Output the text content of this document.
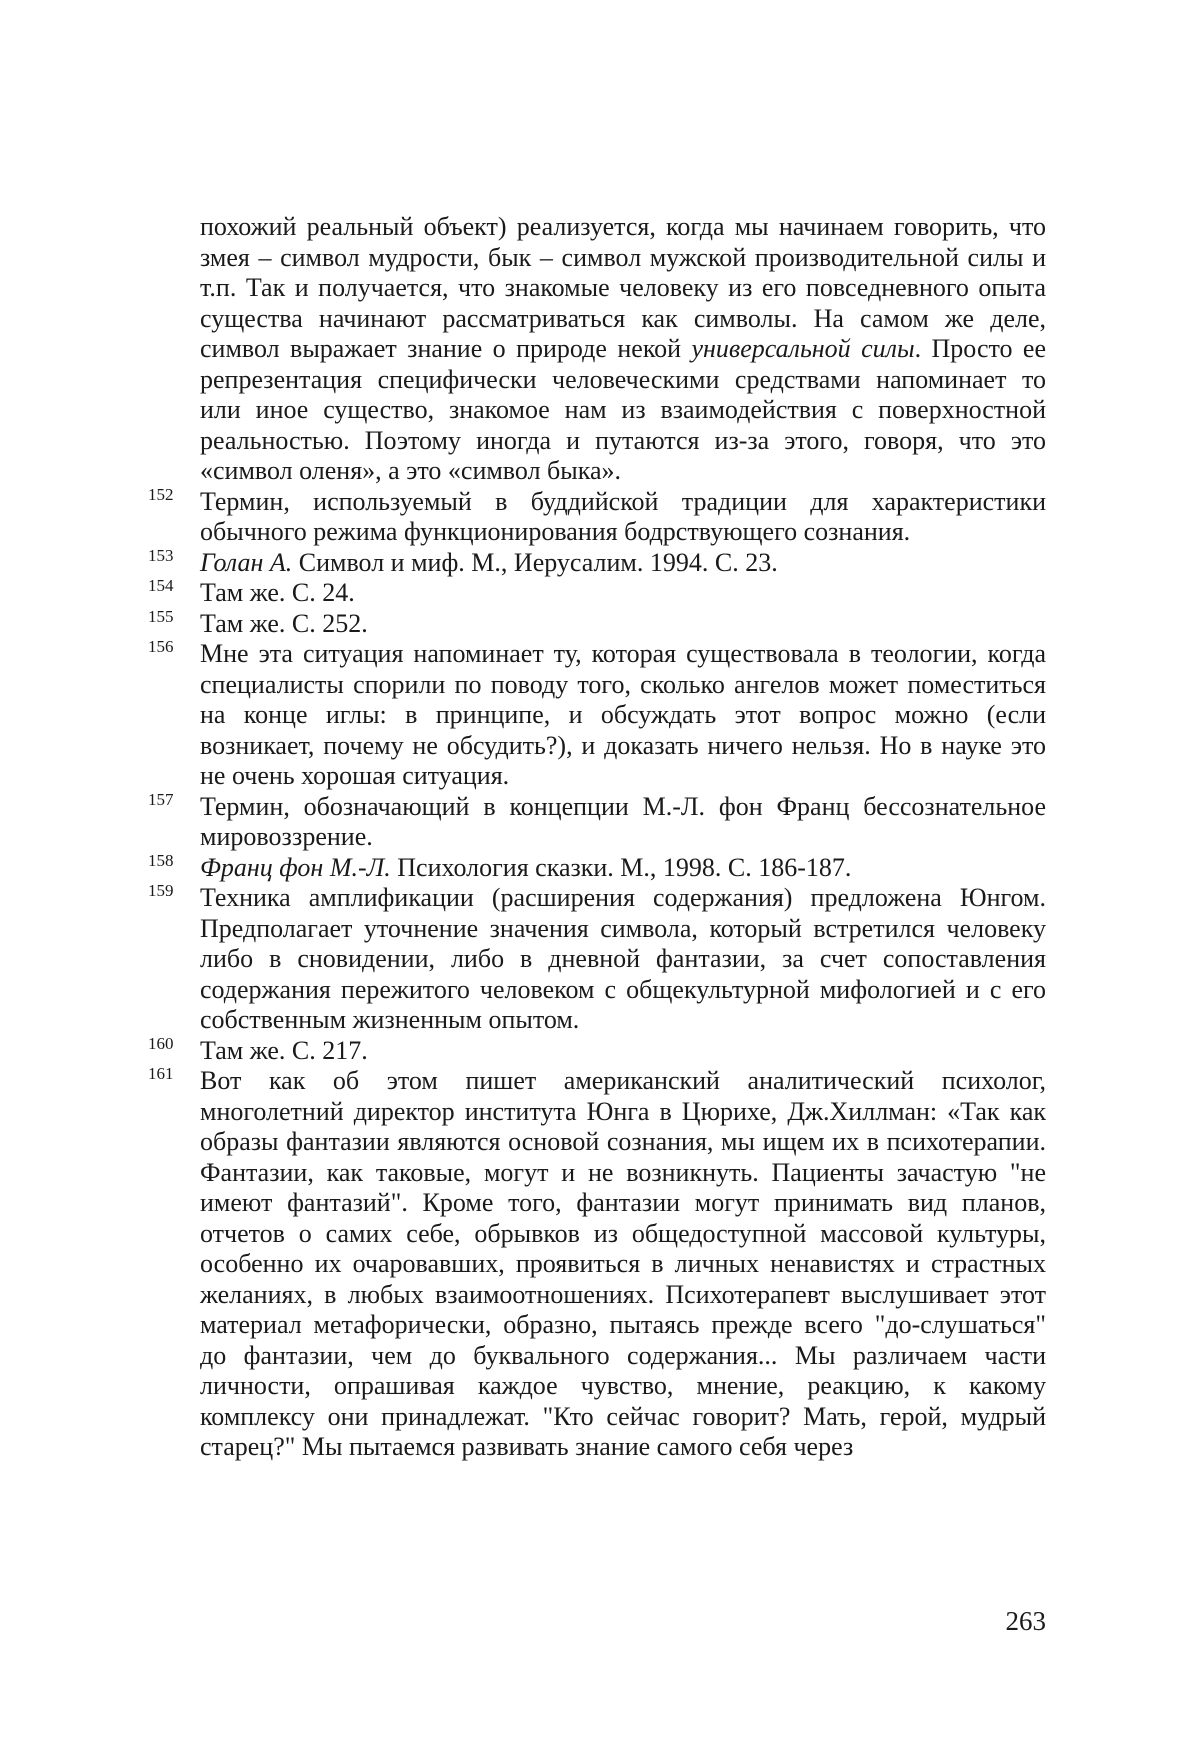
похожий реальный объект) реализуется, когда мы начинаем говорить, что змея – символ мудрости, бык – символ мужской производительной силы и т.п. Так и получается, что знакомые человеку из его повседневного опыта существа начинают рассматриваться как символы. На самом же деле, символ выражает знание о природе некой универсальной силы. Просто ее репрезентация специфически человеческими средствами напоминает то или иное существо, знакомое нам из взаимодействия с поверхностной реальностью. Поэтому иногда и путаются из-за этого, говоря, что это «символ оленя», а это «символ быка».

152 Термин, используемый в буддийской традиции для характеристики обычного режима функционирования бодрствующего сознания.

153 Голан А. Символ и миф. М., Иерусалим. 1994. С. 23.

154 Там же. С. 24.

155 Там же. С. 252.

156 Мне эта ситуация напоминает ту, которая существовала в теологии, когда специалисты спорили по поводу того, сколько ангелов может поместиться на конце иглы: в принципе, и обсуждать этот вопрос можно (если возникает, почему не обсудить?), и доказать ничего нельзя. Но в науке это не очень хорошая ситуация.

157 Термин, обозначающий в концепции М.-Л. фон Франц бессознательное мировоззрение.

158 Франц фон М.-Л. Психология сказки. М., 1998. С. 186-187.

159 Техника амплификации (расширения содержания) предложена Юнгом. Предполагает уточнение значения символа, который встретился человеку либо в сновидении, либо в дневной фантазии, за счет сопоставления содержания пережитого человеком с общекультурной мифологией и с его собственным жизненным опытом.

160 Там же. С. 217.

161 Вот как об этом пишет американский аналитический психолог, многолетний директор института Юнга в Цюрихе, Дж.Хиллман: «Так как образы фантазии являются основой сознания, мы ищем их в психотерапии. Фантазии, как таковые, могут и не возникнуть. Пациенты зачастую "не имеют фантазий". Кроме того, фантазии могут принимать вид планов, отчетов о самих себе, обрывков из общедоступной массовой культуры, особенно их очаровавших, проявиться в личных ненавистях и страстных желаниях, в любых взаимоотношениях. Психотерапевт выслушивает этот материал метафорически, образно, пытаясь прежде всего "до-слушаться" до фантазии, чем до буквального содержания... Мы различаем части личности, опрашивая каждое чувство, мнение, реакцию, к какому комплексу они принадлежат. "Кто сейчас говорит? Мать, герой, мудрый старец?" Мы пытаемся развивать знание самого себя через

263
